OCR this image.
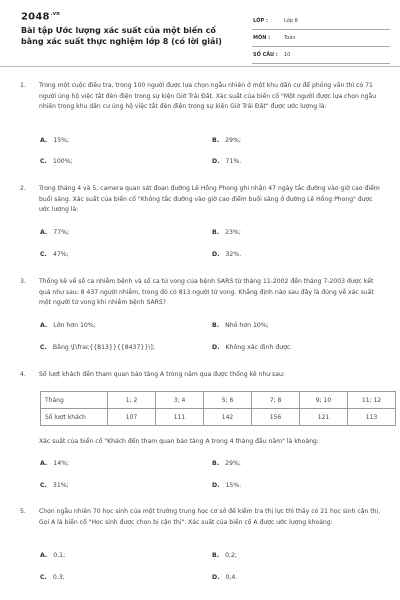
$2048^{.vn}$
Bài tập Ước lượng xác suất của một biến cố bằng xác suất thực nghiệm lớp 8 (có lời giải)
LỚP :	Lớp 8
MÔN :	Toán
SỐ CÂU : 10
1. Trong một cuộc điều tra, trong 100 người được lựa chọn ngẫu nhiên ở một khu dân cư để phỏng vấn thì có 71 người ủng hộ việc tắt đèn điện trong sự kiện Giờ Trái Đất. Xác suất của biến cố "Một người được lựa chọn ngẫu nhiên trong khu dân cư ủng hộ việc tắt đèn điện trong sự kiện Giờ Trái Đất" được ước lượng là:
A. 15%;	B. 29%;
C. 100%;	D. 71%.
2. Trong tháng 4 và 5, camera quan sát đoạn đường Lê Hồng Phong ghi nhận 47 ngày tắc đường vào giờ cao điểm buổi sáng. Xác suất của biến cố "Không tắc đường vào giờ cao điểm buổi sáng ở đường Lê Hồng Phong" được ước lượng là:
A. 77%;	B. 23%;
C. 47%;	D. 32%.
3. Thống kê về số ca nhiễm bệnh và số ca tử vong của bệnh SARS từ tháng 11-2002 đến tháng 7-2003 được kết quả như sau: 8 437 người nhiễm, trong đó có 813 người tử vong. Khẳng định nào sau đây là đúng về xác suất một người tử vong khi nhiễm bệnh SARS?
A. Lớn hơn 10%;	B. Nhỏ hơn 10%;
C. Bằng \[\frac{{813}}{{8437}}\];	D. Không xác định được.
4. Số lượt khách đến tham quan bảo tàng A trong năm qua được thống kê như sau:
Tháng	1; 2	3; 4	5; 6	7; 8	9; 10	11; 12
Số lượt khách	107	111	142	156	121	113
Xác suất của biến cố "Khách đến tham quan bảo tàng A trong 4 tháng đầu năm" là khoảng:
A. 14%;	B. 29%;
C. 31%;	D. 15%.
5. Chọn ngẫu nhiên 70 học sinh của một trường trung học cơ sở để kiểm tra thị lực thì thấy có 21 học sinh cận thị. Gọi A là biến cố "Học sinh được chọn bị cận thị". Xác suất của biến cố A được ước lượng khoảng:
A. 0,1;	B. 0,2;
C. 0,3;	D. 0,4.
